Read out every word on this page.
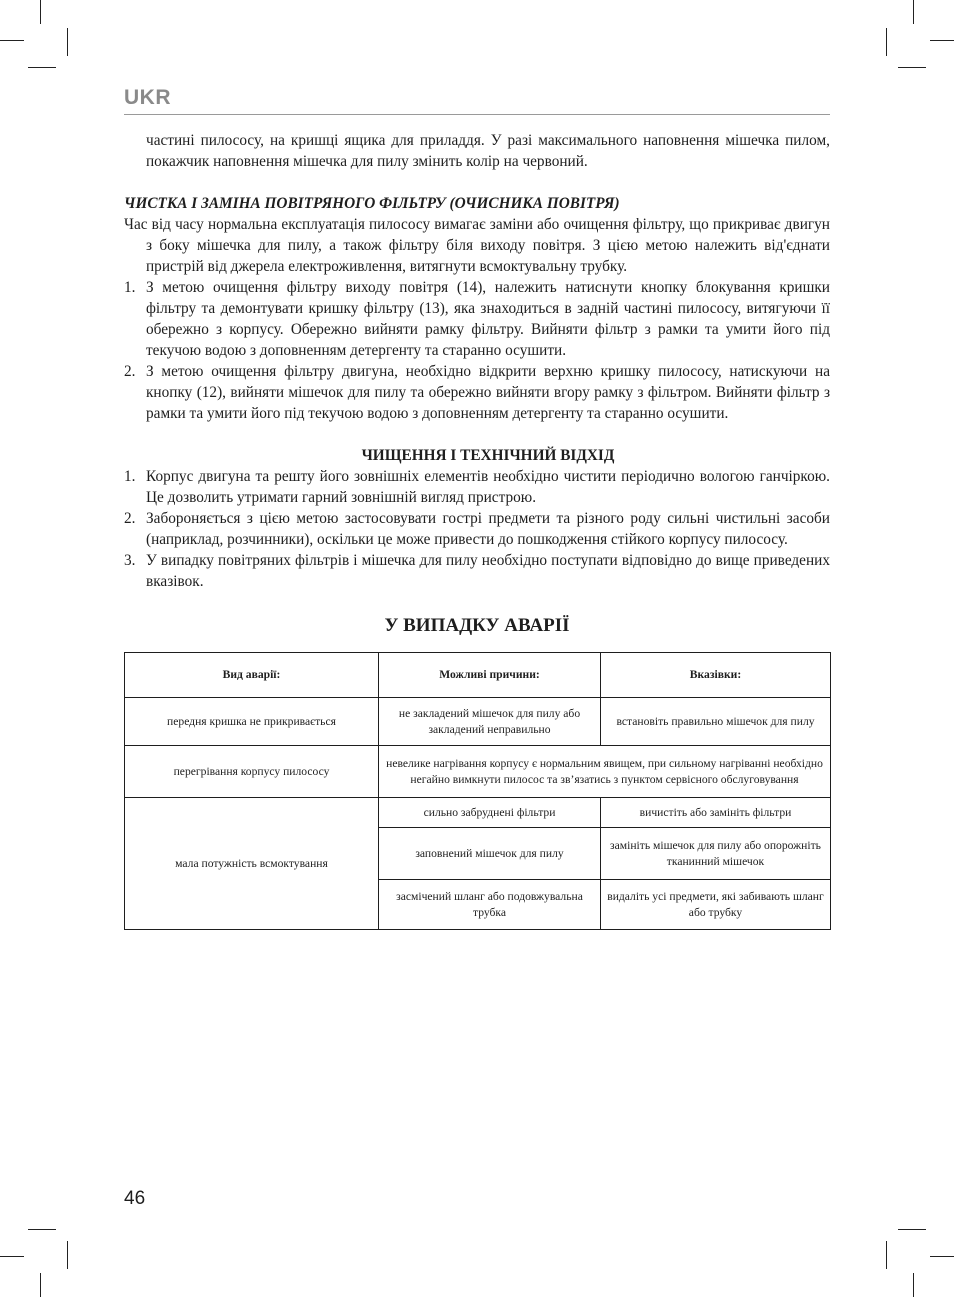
UKR

частині пилососу, на кришці ящика для приладдя. У разі максимального наповнення мішечка пилом, покажчик наповнення мішечка для пилу змінить колір на червоний.

ЧИСТКА І ЗАМІНА ПОВІТРЯНОГО ФІЛЬТРУ (ОЧИСНИКА ПОВІТРЯ)

Час від часу нормальна експлуатація пилососу вимагає заміни або очищення фільтру, що прикриває двигун з боку мішечка для пилу, а також фільтру біля виходу повітря. З цією метою належить від'єднати пристрій від джерела електроживлення, витягнути всмоктувальну трубку.

1. З метою очищення фільтру виходу повітря (14), належить натиснути кнопку блокування кришки фільтру та демонтувати кришку фільтру (13), яка знаходиться в задній частині пилососу, витягуючи її обережно з корпусу. Обережно вийняти рамку фільтру. Вийняти фільтр з рамки та умити його під текучою водою з доповненням детергенту та старанно осушити.
2. З метою очищення фільтру двигуна, необхідно відкрити верхню кришку пилососу, натискуючи на кнопку (12), вийняти мішечок для пилу та обережно вийняти вгору рамку з фільтром. Вийняти фільтр з рамки та умити його під текучою водою з доповненням детергенту та старанно осушити.
ЧИЩЕННЯ І ТЕХНІЧНИЙ ВІДХІД
1. Корпус двигуна та решту його зовнішніх елементів необхідно чистити періодично вологою ганчіркою. Це дозволить утримати гарний зовнішній вигляд пристрою.
2. Забороняється з цією метою застосовувати гострі предмети та різного роду сильні чистильні засоби (наприклад, розчинники), оскільки це може привести до пошкодження стійкого корпусу пилососу.
3. У випадку повітряних фільтрів і мішечка для пилу необхідно поступати відповідно до вище приведених вказівок.
У ВИПАДКУ АВАРІЇ
Вид аварії:	Можливі причини:	Вказівки:
передня кришка не прикривається	не закладений мішечок для пилу або закладений неправильно	встановіть правильно мішечок для пилу
перегрівання корпусу пилососу	невелике нагрівання корпусу є нормальним явищем, при сильному нагріванні необхідно негайно вимкнути пилосос та зв’язатись з пунктом сервісного обслуговування	
мала потужність всмоктування	сильно забруднені фільтри	вичистіть або замініть фільтри
	заповнений мішечок для пилу	замініть мішечок для пилу або опорожніть тканинний мішечок
	засмічений шланг або подовжувальна трубка	видаліть усі предмети, які забивають шланг або трубку
46
